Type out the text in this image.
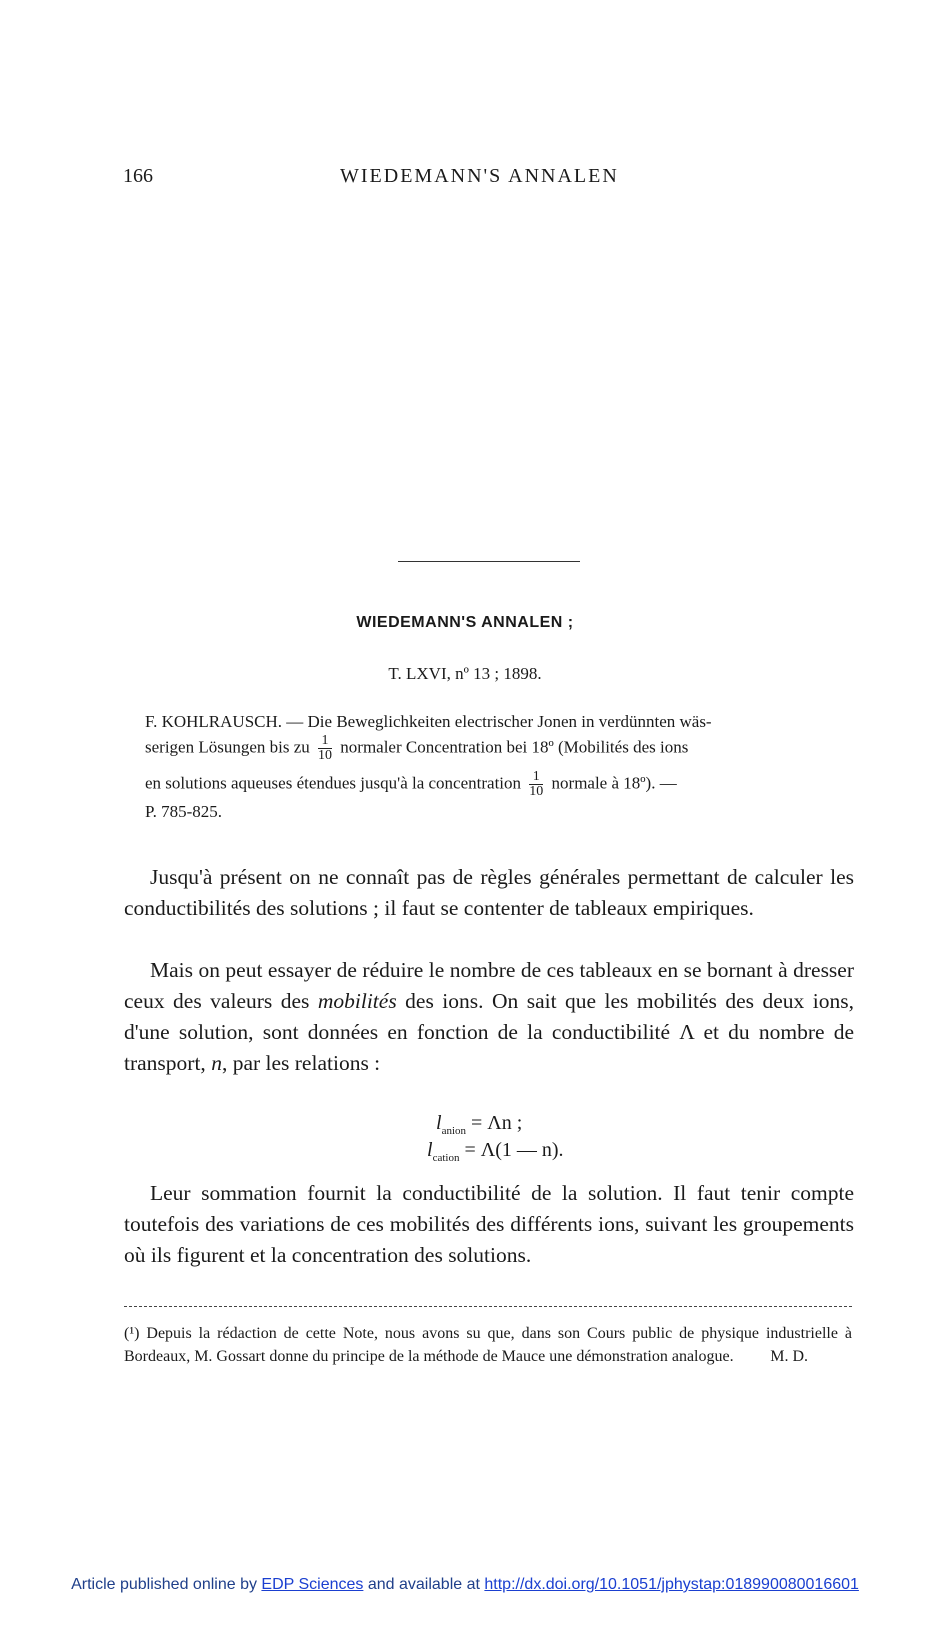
166	WIEDEMANN'S ANNALEN
WIEDEMANN'S ANNALEN ;
T. LXVI, nº 13 ; 1898.
F. KOHLRAUSCH. — Die Beweglichkeiten electrischer Jonen in verdünnten wäs-
serigen Lösungen bis zu $\frac{1}{10}$ normaler Concentration bei 18º (Mobilités des ions
en solutions aqueuses étendues jusqu'à la concentration $\frac{1}{10}$ normale à 18º). —
P. 785-825.

Jusqu'à présent on ne connaît pas de règles générales permettant de calculer les conductibilités des solutions ; il faut se contenter de tableaux empiriques.

Mais on peut essayer de réduire le nombre de ces tableaux en se bornant à dresser ceux des valeurs des mobilités des ions. On sait que les mobilités des deux ions, d'une solution, sont données en fonction de la conductibilité Λ et du nombre de transport, n, par les relations :

$l_{anion} = \Lambda n$ ;
$l_{cation} = \Lambda(1$ — n).

Leur sommation fournit la conductibilité de la solution. Il faut tenir compte toutefois des variations de ces mobilités des différents ions, suivant les groupements où ils figurent et la concentration des solutions.

(¹) Depuis la rédaction de cette Note, nous avons su que, dans son Cours public de physique industrielle à Bordeaux, M. Gossart donne du principe de la méthode de Mauce une démonstration analogue. M. D.
Article published online by EDP Sciences and available at http://dx.doi.org/10.1051/jphystap:018990080016601
